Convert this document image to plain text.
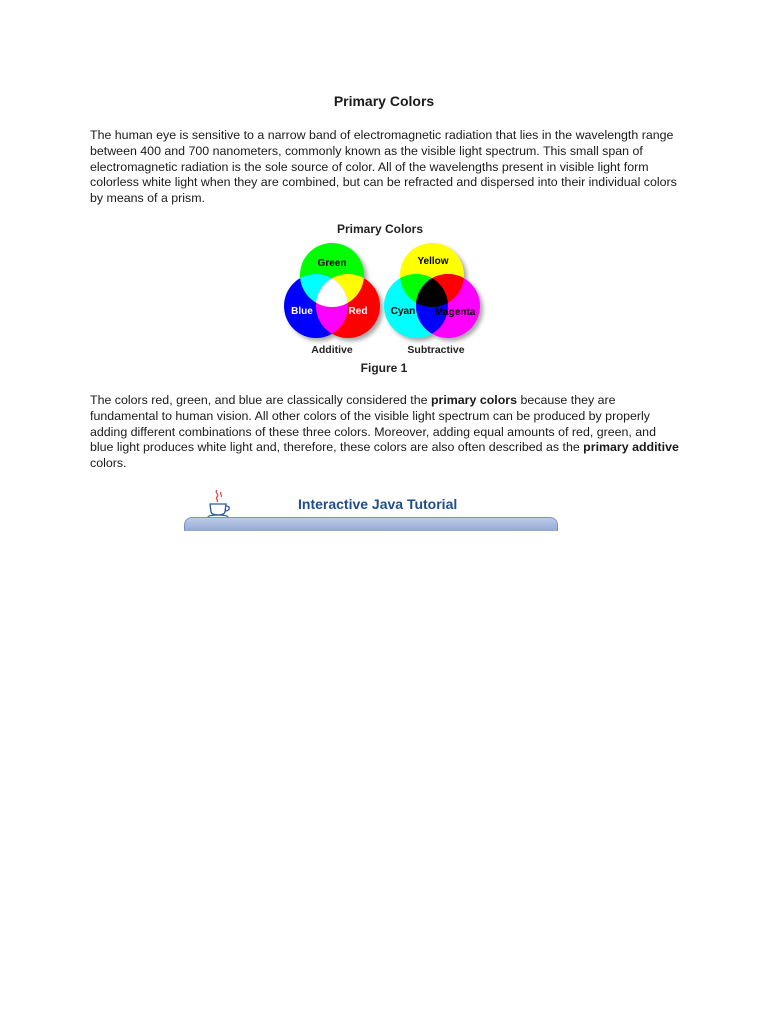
Primary Colors

The human eye is sensitive to a narrow band of electromagnetic radiation that lies in the wavelength range between 400 and 700 nanometers, commonly known as the visible light spectrum. This small span of electromagnetic radiation is the sole source of color. All of the wavelengths present in visible light form colorless white light when they are combined, but can be refracted and dispersed into their individual colors by means of a prism.

Primary Colors
Green
Blue	Red
Yellow
Cyan	Magenta
Additive	Subtractive
Figure 1

The colors red, green, and blue are classically considered the primary colors because they are fundamental to human vision. All other colors of the visible light spectrum can be produced by properly adding different combinations of these three colors. Moreover, adding equal amounts of red, green, and blue light produces white light and, therefore, these colors are also often described as the primary additive colors.

Interactive Java Tutorial
